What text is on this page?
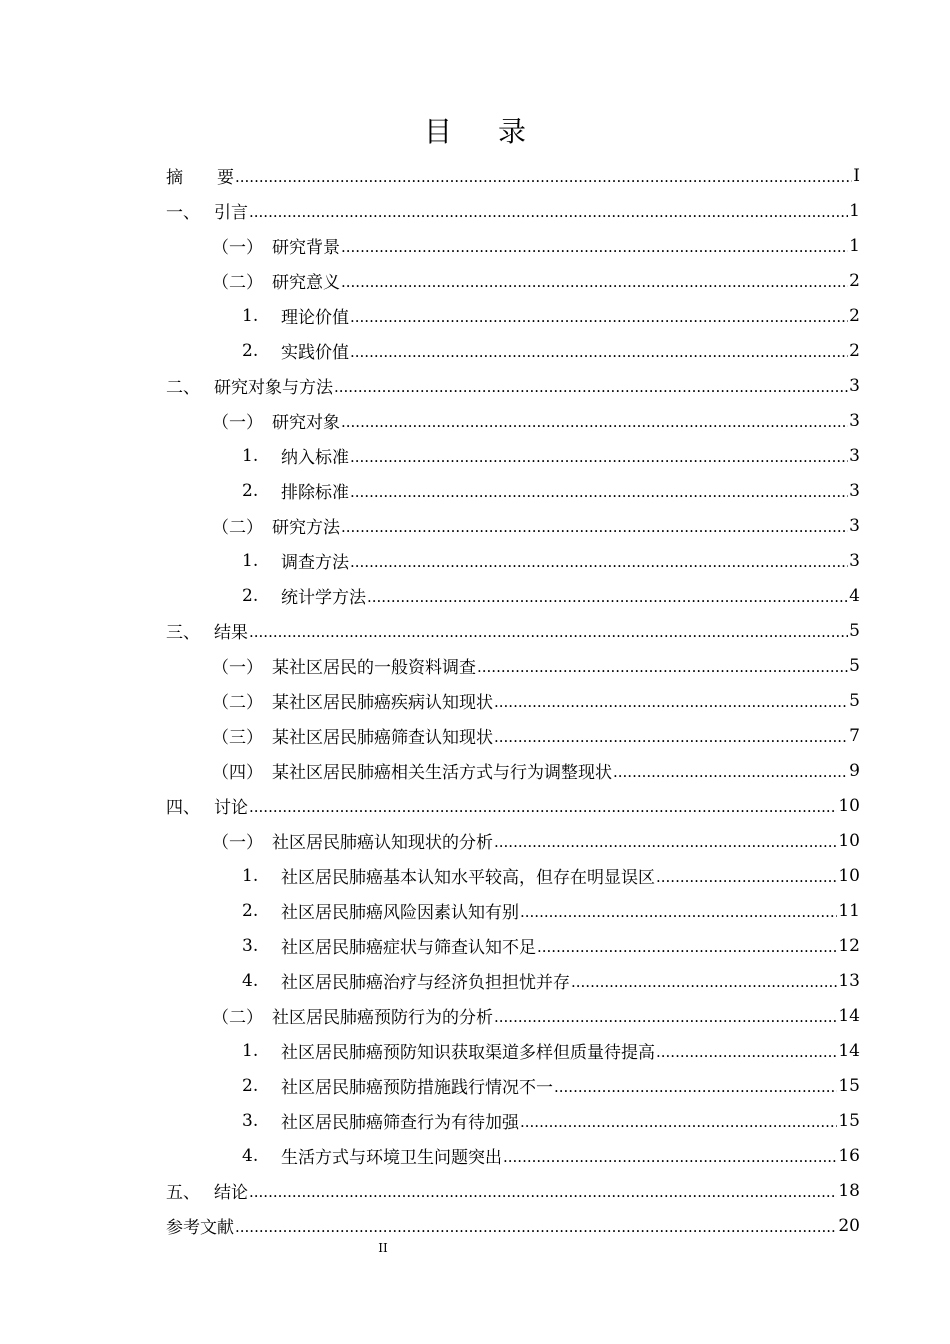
目 录
摘　　要 .....	I
一、 引言 .....	1
（一） 研究背景 .....	1
（二） 研究意义 .....	2
1.	理论价值 .....	2
2.	实践价值 .....	2
二、 研究对象与方法 .....	3
（一） 研究对象 .....	3
1.	纳入标准 .....	3
2.	排除标准 .....	3
（二） 研究方法 .....	3
1.	调查方法 .....	3
2.	统计学方法 .....	4
三、 结果 .....	5
（一） 某社区居民的一般资料调查 .....	5
（二） 某社区居民肺癌疾病认知现状 .....	5
（三） 某社区居民肺癌筛查认知现状 .....	7
（四） 某社区居民肺癌相关生活方式与行为调整现状 .....	9
四、 讨论 .....	10
（一） 社区居民肺癌认知现状的分析 .....	10
1.	社区居民肺癌基本认知水平较高，但存在明显误区 .....	10
2.	社区居民肺癌风险因素认知有别 .....	11
3.	社区居民肺癌症状与筛查认知不足 .....	12
4.	社区居民肺癌治疗与经济负担担忧并存 .....	13
（二） 社区居民肺癌预防行为的分析 .....	14
1.	社区居民肺癌预防知识获取渠道多样但质量待提高 .....	14
2.	社区居民肺癌预防措施践行情况不一 .....	15
3.	社区居民肺癌筛查行为有待加强 .....	15
4.	生活方式与环境卫生问题突出 .....	16
五、 结论 .....	18
参考文献 .....	20
II
